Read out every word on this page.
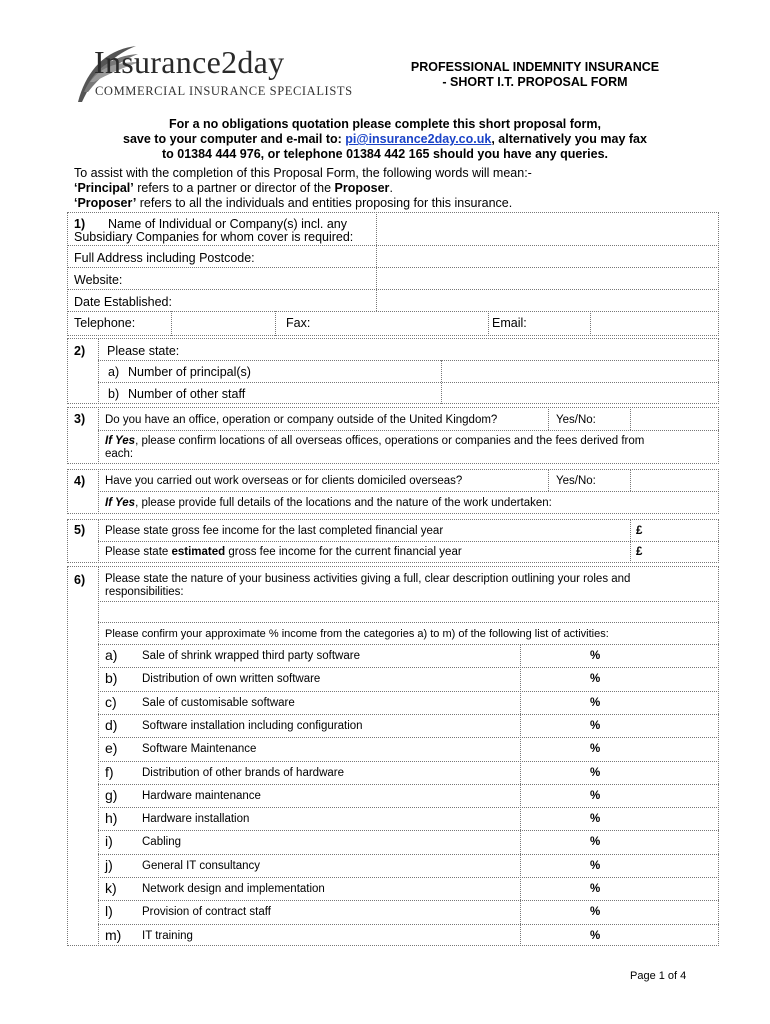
Insurance2day
COMMERCIAL INSURANCE SPECIALISTS
PROFESSIONAL INDEMNITY INSURANCE
- SHORT I.T. PROPOSAL FORM
For a no obligations quotation please complete this short proposal form,
save to your computer and e-mail to: pi@insurance2day.co.uk, alternatively you may fax
to 01384 444 976, or telephone 01384 442 165 should you have any queries.
To assist with the completion of this Proposal Form, the following words will mean:-
‘Principal’ refers to a partner or director of the Proposer.
‘Proposer’ refers to all the individuals and entities proposing for this insurance.
1) Name of Individual or Company(s) incl. any
Subsidiary Companies for whom cover is required:
Full Address including Postcode:
Website:
Date Established:
Telephone:	Fax:	Email:
2) Please state:
a) Number of principal(s)
b) Number of other staff
3) Do you have an office, operation or company outside of the United Kingdom?	Yes/No:
If Yes, please confirm locations of all overseas offices, operations or companies and the fees derived from
each:
4) Have you carried out work overseas or for clients domiciled overseas?	Yes/No:
If Yes, please provide full details of the locations and the nature of the work undertaken:
5) Please state gross fee income for the last completed financial year	£
Please state estimated gross fee income for the current financial year	£
6) Please state the nature of your business activities giving a full, clear description outlining your roles and
responsibilities:
Please confirm your approximate % income from the categories a) to m) of the following list of activities:
a) Sale of shrink wrapped third party software	%
b) Distribution of own written software	%
c) Sale of customisable software	%
d) Software installation including configuration	%
e) Software Maintenance	%
f) Distribution of other brands of hardware	%
g) Hardware maintenance	%
h) Hardware installation	%
i)	Cabling	%
j)	General IT consultancy	%
k) Network design and implementation	%
l)	Provision of contract staff	%
m) IT training	%
Page 1 of 4
